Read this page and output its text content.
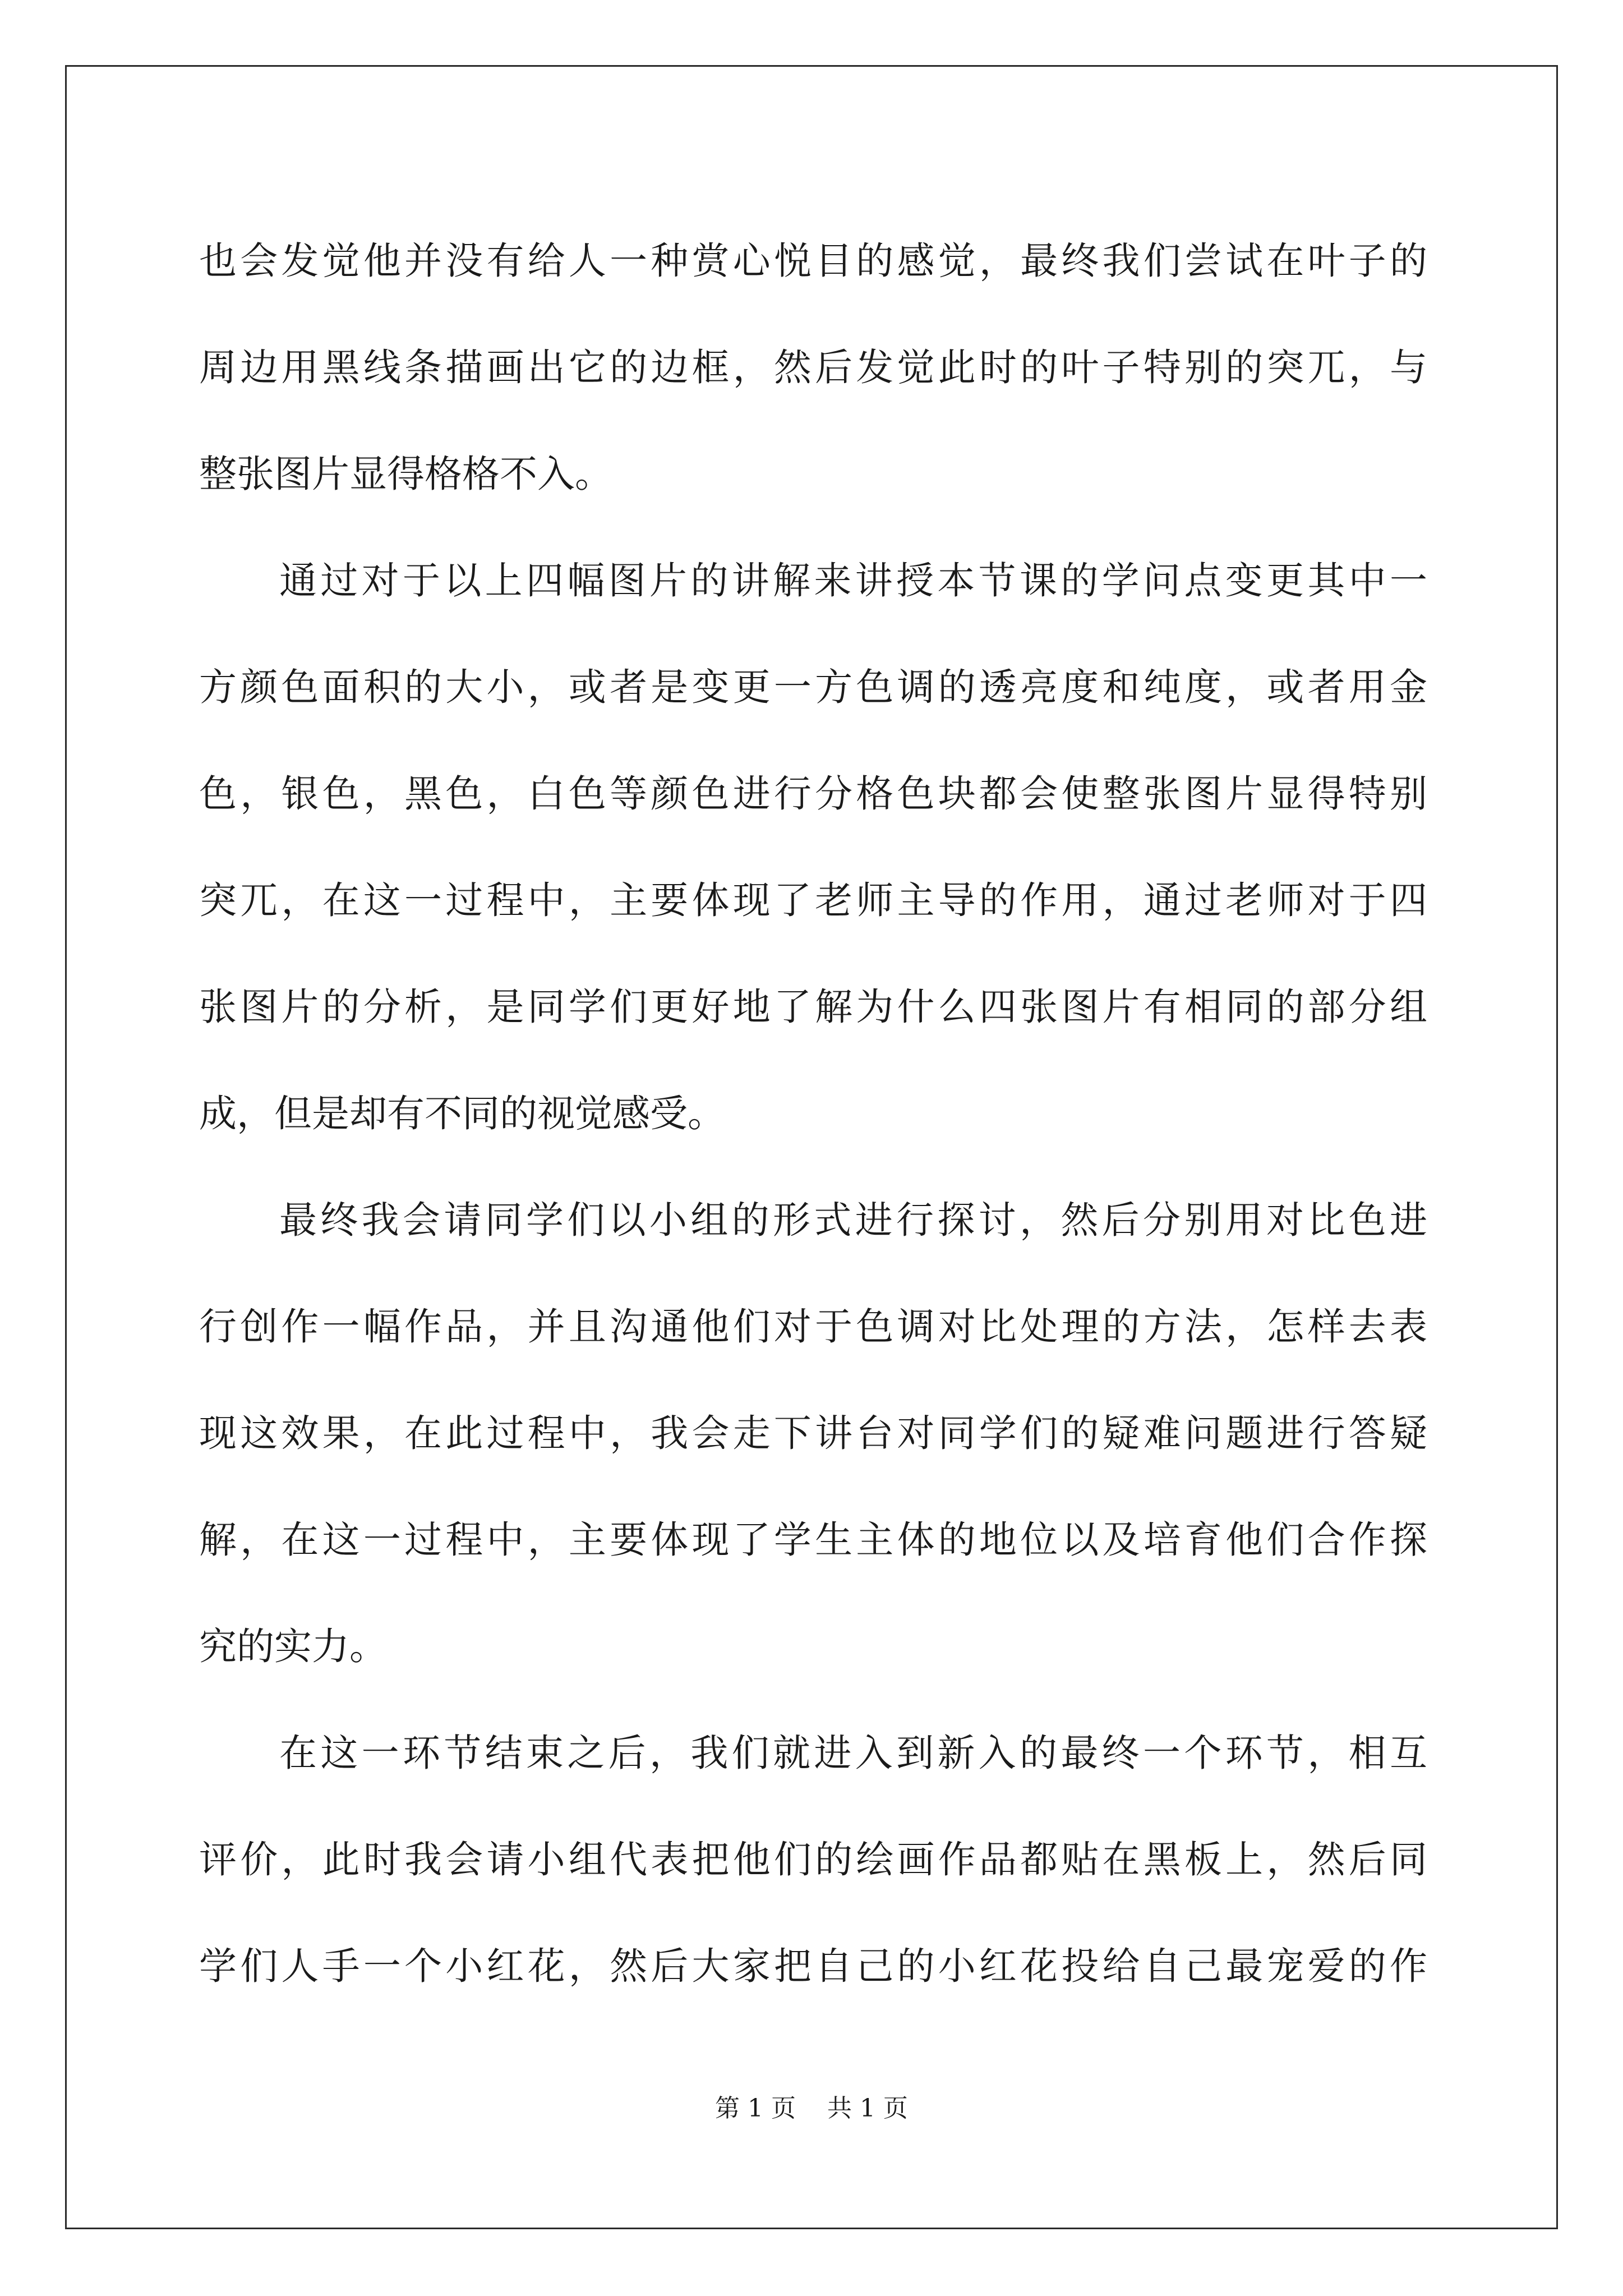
也会发觉他并没有给人一种赏心悦目的感觉，最终我们尝试在叶子的
周边用黑线条描画出它的边框，然后发觉此时的叶子特别的突兀，与
整张图片显得格格不入。
通过对于以上四幅图片的讲解来讲授本节课的学问点变更其中一
方颜色面积的大小，或者是变更一方色调的透亮度和纯度，或者用金
色，银色，黑色，白色等颜色进行分格色块都会使整张图片显得特别
突兀，在这一过程中，主要体现了老师主导的作用，通过老师对于四
张图片的分析，是同学们更好地了解为什么四张图片有相同的部分组
成，但是却有不同的视觉感受。
最终我会请同学们以小组的形式进行探讨，然后分别用对比色进
行创作一幅作品，并且沟通他们对于色调对比处理的方法，怎样去表
现这效果，在此过程中，我会走下讲台对同学们的疑难问题进行答疑
解，在这一过程中，主要体现了学生主体的地位以及培育他们合作探
究的实力。
在这一环节结束之后，我们就进入到新入的最终一个环节，相互
评价，此时我会请小组代表把他们的绘画作品都贴在黑板上，然后同
学们人手一个小红花，然后大家把自己的小红花投给自己最宠爱的作
第 1 页    共 1 页
